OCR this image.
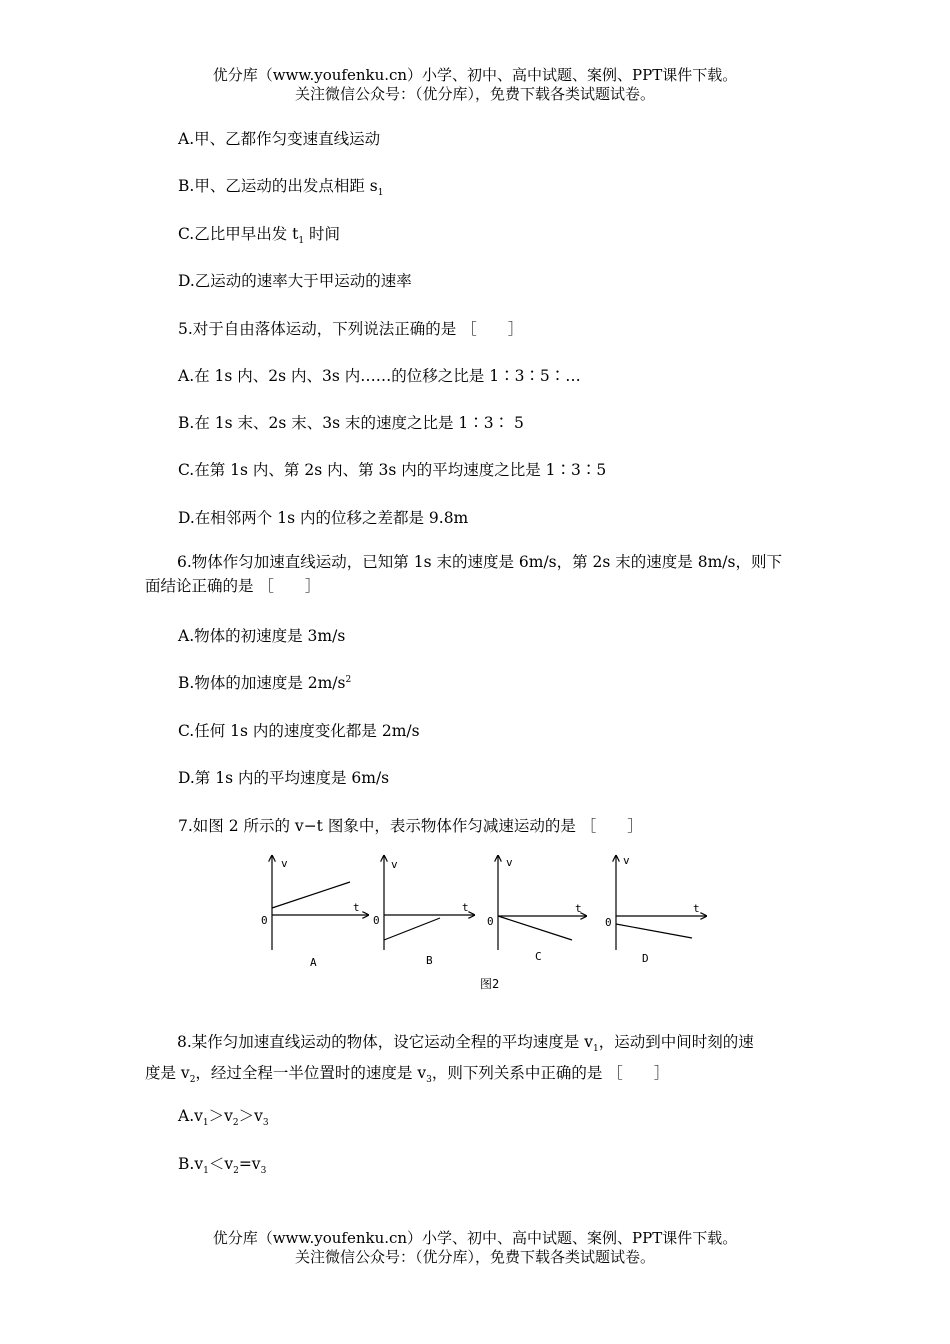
优分库（www.youfenku.cn）小学、初中、高中试题、案例、PPT课件下载。
关注微信公众号：（优分库），免费下载各类试题试卷。
A.甲、乙都作匀变速直线运动
B.甲、乙运动的出发点相距 $s_1$
C.乙比甲早出发 $t_1$ 时间
D.乙运动的速率大于甲运动的速率
5.对于自由落体运动，下列说法正确的是 ［　　］
A.在 1s 内、2s 内、3s 内……的位移之比是 1∶3∶5∶…
B.在 1s 末、2s 末、3s 末的速度之比是 1∶3∶ 5
C.在第 1s 内、第 2s 内、第 3s 内的平均速度之比是 1∶3∶5
D.在相邻两个 1s 内的位移之差都是 9.8m
6.物体作匀加速直线运动，已知第 1s 末的速度是 6m/s，第 2s 末的速度是 8m/s，则下
面结论正确的是 ［　　］
A.物体的初速度是 3m/s
B.物体的加速度是 $2m/s^2$
C.任何 1s 内的速度变化都是 2m/s
D.第 1s 内的平均速度是 6m/s
7.如图 2 所示的 v−t 图象中，表示物体作匀减速运动的是 ［　　］
v
t
0
A
v
t
0
B
v
t
0
C
v
t
0
D
图2
8.某作匀加速直线运动的物体，设它运动全程的平均速度是 $v_1$，运动到中间时刻的速
度是 $v_2$，经过全程一半位置时的速度是 $v_3$，则下列关系中正确的是 ［　　］
$A.v_1>v_2>v_3$
$B.v_1<v_2=v_3$
优分库（www.youfenku.cn）小学、初中、高中试题、案例、PPT课件下载。
关注微信公众号：（优分库），免费下载各类试题试卷。
